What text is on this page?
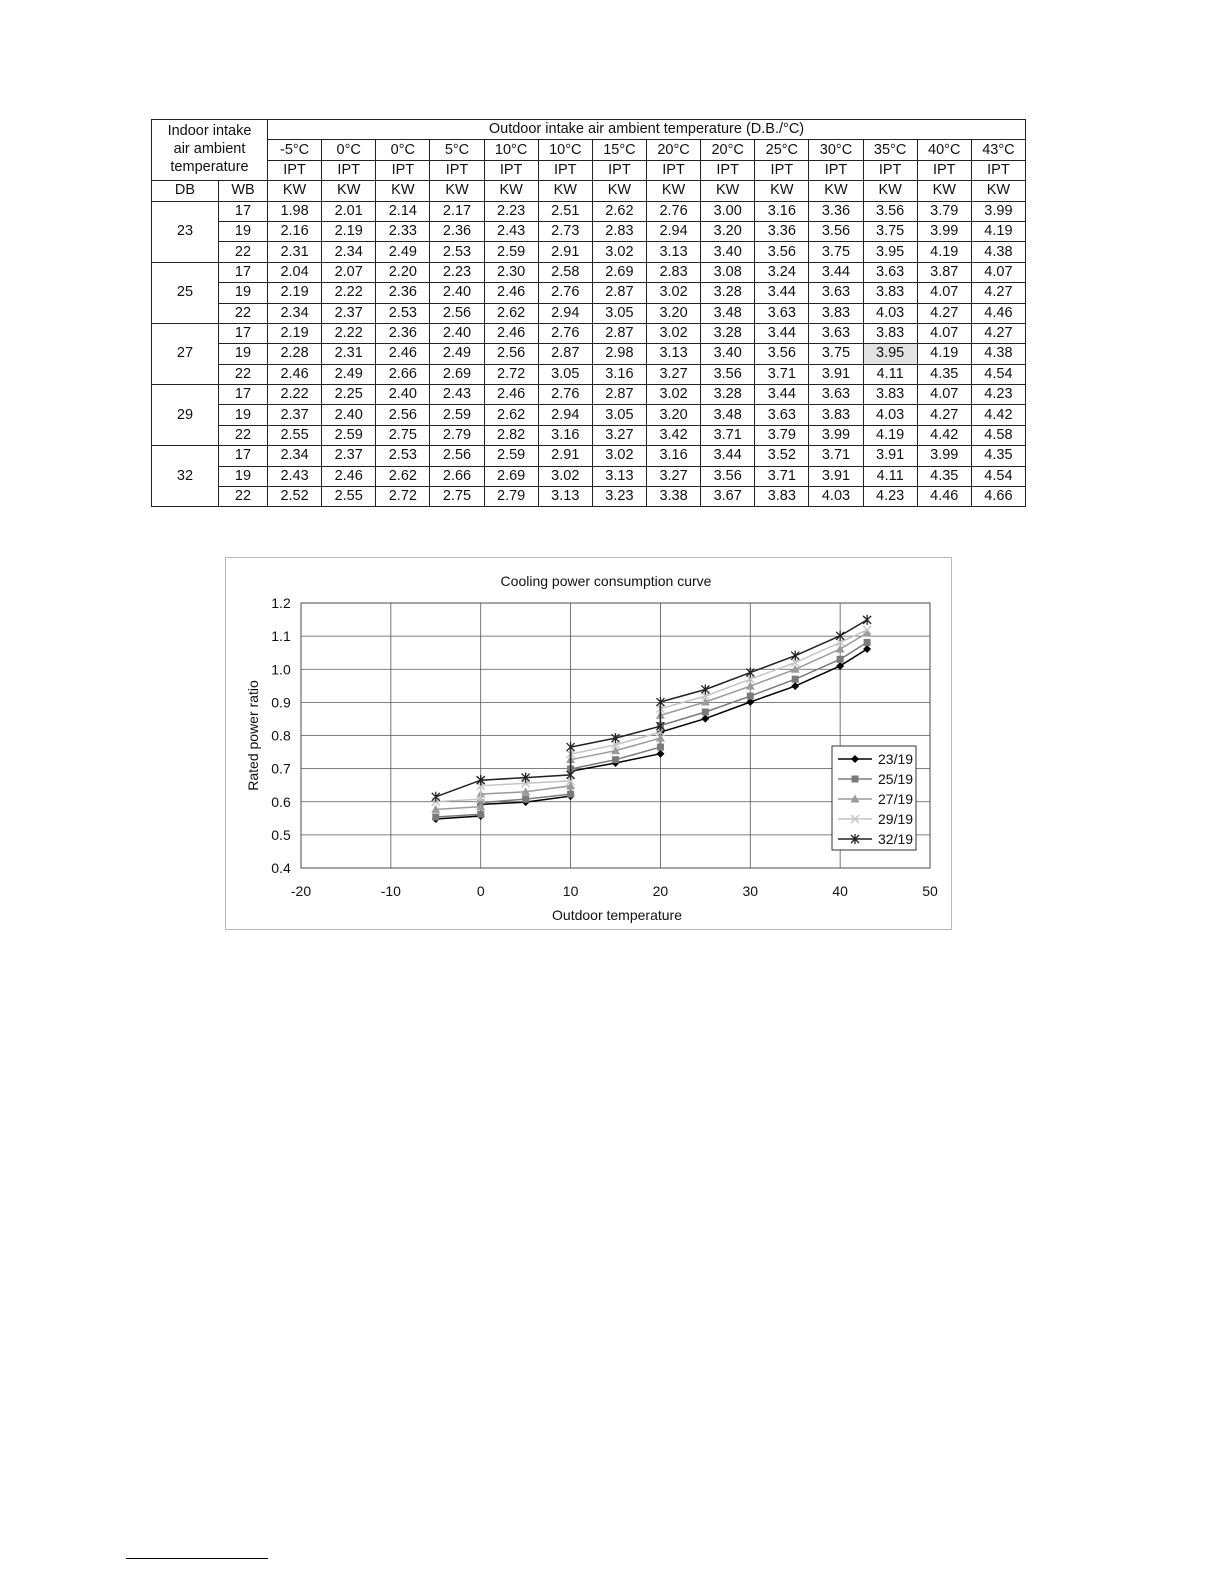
Indoor intake
air ambient
temperature		Outdoor intake air ambient temperature (D.B./°C)													
		-5°C	0°C	0°C	5°C	10°C	10°C	15°C	20°C	20°C	25°C	30°C	35°C	40°C	43°C
		IPT	IPT	IPT	IPT	IPT	IPT	IPT	IPT	IPT	IPT	IPT	IPT	IPT	IPT
DB	WB	KW	KW	KW	KW	KW	KW	KW	KW	KW	KW	KW	KW	KW	KW
23	17	1.98	2.01	2.14	2.17	2.23	2.51	2.62	2.76	3.00	3.16	3.36	3.56	3.79	3.99
	19	2.16	2.19	2.33	2.36	2.43	2.73	2.83	2.94	3.20	3.36	3.56	3.75	3.99	4.19
	22	2.31	2.34	2.49	2.53	2.59	2.91	3.02	3.13	3.40	3.56	3.75	3.95	4.19	4.38
25	17	2.04	2.07	2.20	2.23	2.30	2.58	2.69	2.83	3.08	3.24	3.44	3.63	3.87	4.07
	19	2.19	2.22	2.36	2.40	2.46	2.76	2.87	3.02	3.28	3.44	3.63	3.83	4.07	4.27
	22	2.34	2.37	2.53	2.56	2.62	2.94	3.05	3.20	3.48	3.63	3.83	4.03	4.27	4.46
27	17	2.19	2.22	2.36	2.40	2.46	2.76	2.87	3.02	3.28	3.44	3.63	3.83	4.07	4.27
	19	2.28	2.31	2.46	2.49	2.56	2.87	2.98	3.13	3.40	3.56	3.75	3.95	4.19	4.38
	22	2.46	2.49	2.66	2.69	2.72	3.05	3.16	3.27	3.56	3.71	3.91	4.11	4.35	4.54
29	17	2.22	2.25	2.40	2.43	2.46	2.76	2.87	3.02	3.28	3.44	3.63	3.83	4.07	4.23
	19	2.37	2.40	2.56	2.59	2.62	2.94	3.05	3.20	3.48	3.63	3.83	4.03	4.27	4.42
	22	2.55	2.59	2.75	2.79	2.82	3.16	3.27	3.42	3.71	3.79	3.99	4.19	4.42	4.58
32	17	2.34	2.37	2.53	2.56	2.59	2.91	3.02	3.16	3.44	3.52	3.71	3.91	3.99	4.35
	19	2.43	2.46	2.62	2.66	2.69	3.02	3.13	3.27	3.56	3.71	3.91	4.11	4.35	4.54
	22	2.52	2.55	2.72	2.75	2.79	3.13	3.23	3.38	3.67	3.83	4.03	4.23	4.46	4.66
0.4
0.5
0.6
0.7
0.8
0.9
1.0
1.1
1.2
-20	-10	0	10	20	30	40	50
Cooling power consumption curve
Outdoor temperature
Rated power ratio	23/19
25/19
27/19
29/19
32/19
